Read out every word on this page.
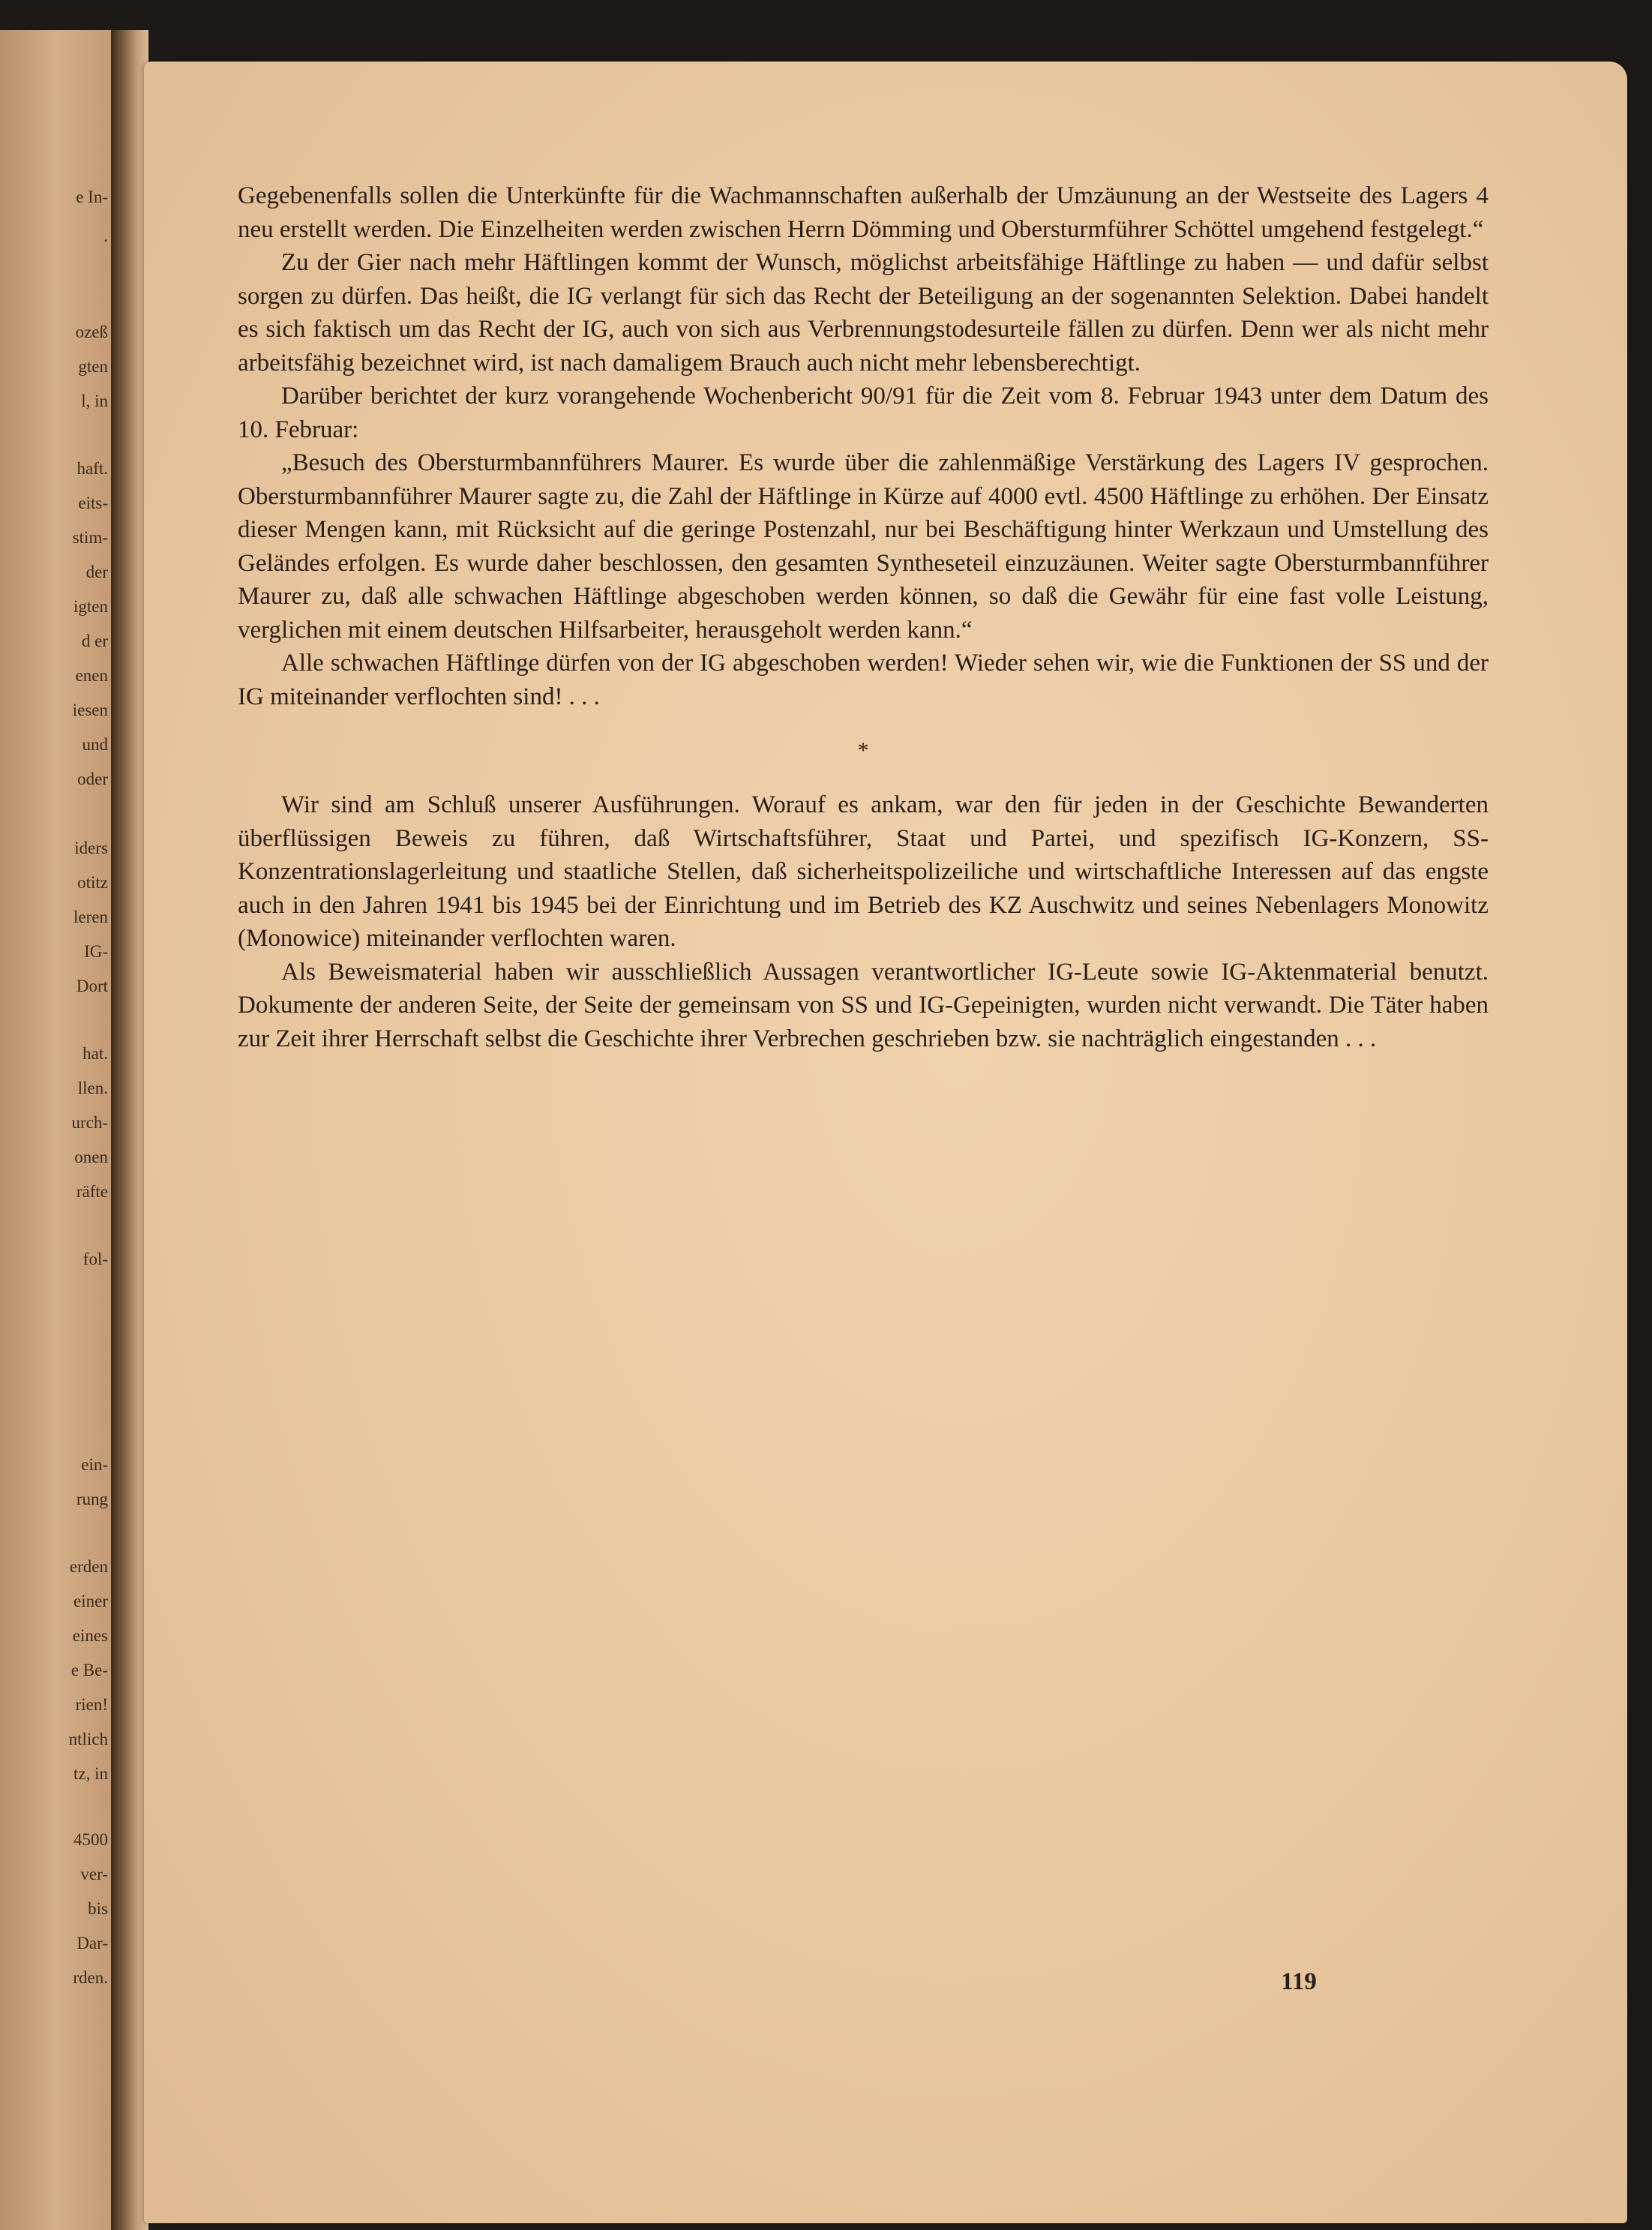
e In-
.
ozeß
gten
l, in
haft.
eits-
stim-
der
igten
d er
enen
iesen
und
oder
iders
otitz
leren
IG-
Dort
hat.
llen.
urch-
onen
räfte
fol-
ein-
rung
erden
einer
eines
e Be-
rien!
ntlich
tz, in
4500
ver-
bis
Dar-
rden.

Gegebenenfalls sollen die Unterkünfte für die Wachmannschaften außerhalb der Umzäunung an der Westseite des Lagers 4 neu erstellt werden. Die Einzelheiten werden zwischen Herrn Dömming und Obersturmführer Schöttel umgehend festgelegt.“

Zu der Gier nach mehr Häftlingen kommt der Wunsch, möglichst arbeitsfähige Häftlinge zu haben — und dafür selbst sorgen zu dürfen. Das heißt, die IG verlangt für sich das Recht der Beteiligung an der sogenannten Selektion. Dabei handelt es sich faktisch um das Recht der IG, auch von sich aus Verbrennungstodesurteile fällen zu dürfen. Denn wer als nicht mehr arbeitsfähig bezeichnet wird, ist nach damaligem Brauch auch nicht mehr lebensberechtigt.

Darüber berichtet der kurz vorangehende Wochenbericht 90/91 für die Zeit vom 8. Februar 1943 unter dem Datum des 10. Februar:

„Besuch des Obersturmbannführers Maurer. Es wurde über die zahlenmäßige Verstärkung des Lagers IV gesprochen. Obersturmbannführer Maurer sagte zu, die Zahl der Häftlinge in Kürze auf 4000 evtl. 4500 Häftlinge zu erhöhen. Der Einsatz dieser Mengen kann, mit Rücksicht auf die geringe Postenzahl, nur bei Beschäftigung hinter Werkzaun und Umstellung des Geländes erfolgen. Es wurde daher beschlossen, den gesamten Syntheseteil einzuzäunen. Weiter sagte Obersturmbannführer Maurer zu, daß alle schwachen Häftlinge abgeschoben werden können, so daß die Gewähr für eine fast volle Leistung, verglichen mit einem deutschen Hilfsarbeiter, herausgeholt werden kann.“

Alle schwachen Häftlinge dürfen von der IG abgeschoben werden! Wieder sehen wir, wie die Funktionen der SS und der IG miteinander verflochten sind! . . .

*

Wir sind am Schluß unserer Ausführungen. Worauf es ankam, war den für jeden in der Geschichte Bewanderten überflüssigen Beweis zu führen, daß Wirtschaftsführer, Staat und Partei, und spezifisch IG-Konzern, SS-Konzentrationslagerleitung und staatliche Stellen, daß sicherheitspolizeiliche und wirtschaftliche Interessen auf das engste auch in den Jahren 1941 bis 1945 bei der Einrichtung und im Betrieb des KZ Auschwitz und seines Nebenlagers Monowitz (Monowice) miteinander verflochten waren.

Als Beweismaterial haben wir ausschließlich Aussagen verantwortlicher IG-Leute sowie IG-Aktenmaterial benutzt. Dokumente der anderen Seite, der Seite der gemeinsam von SS und IG-Gepeinigten, wurden nicht verwandt. Die Täter haben zur Zeit ihrer Herrschaft selbst die Geschichte ihrer Verbrechen geschrieben bzw. sie nachträglich eingestanden . . .

119
